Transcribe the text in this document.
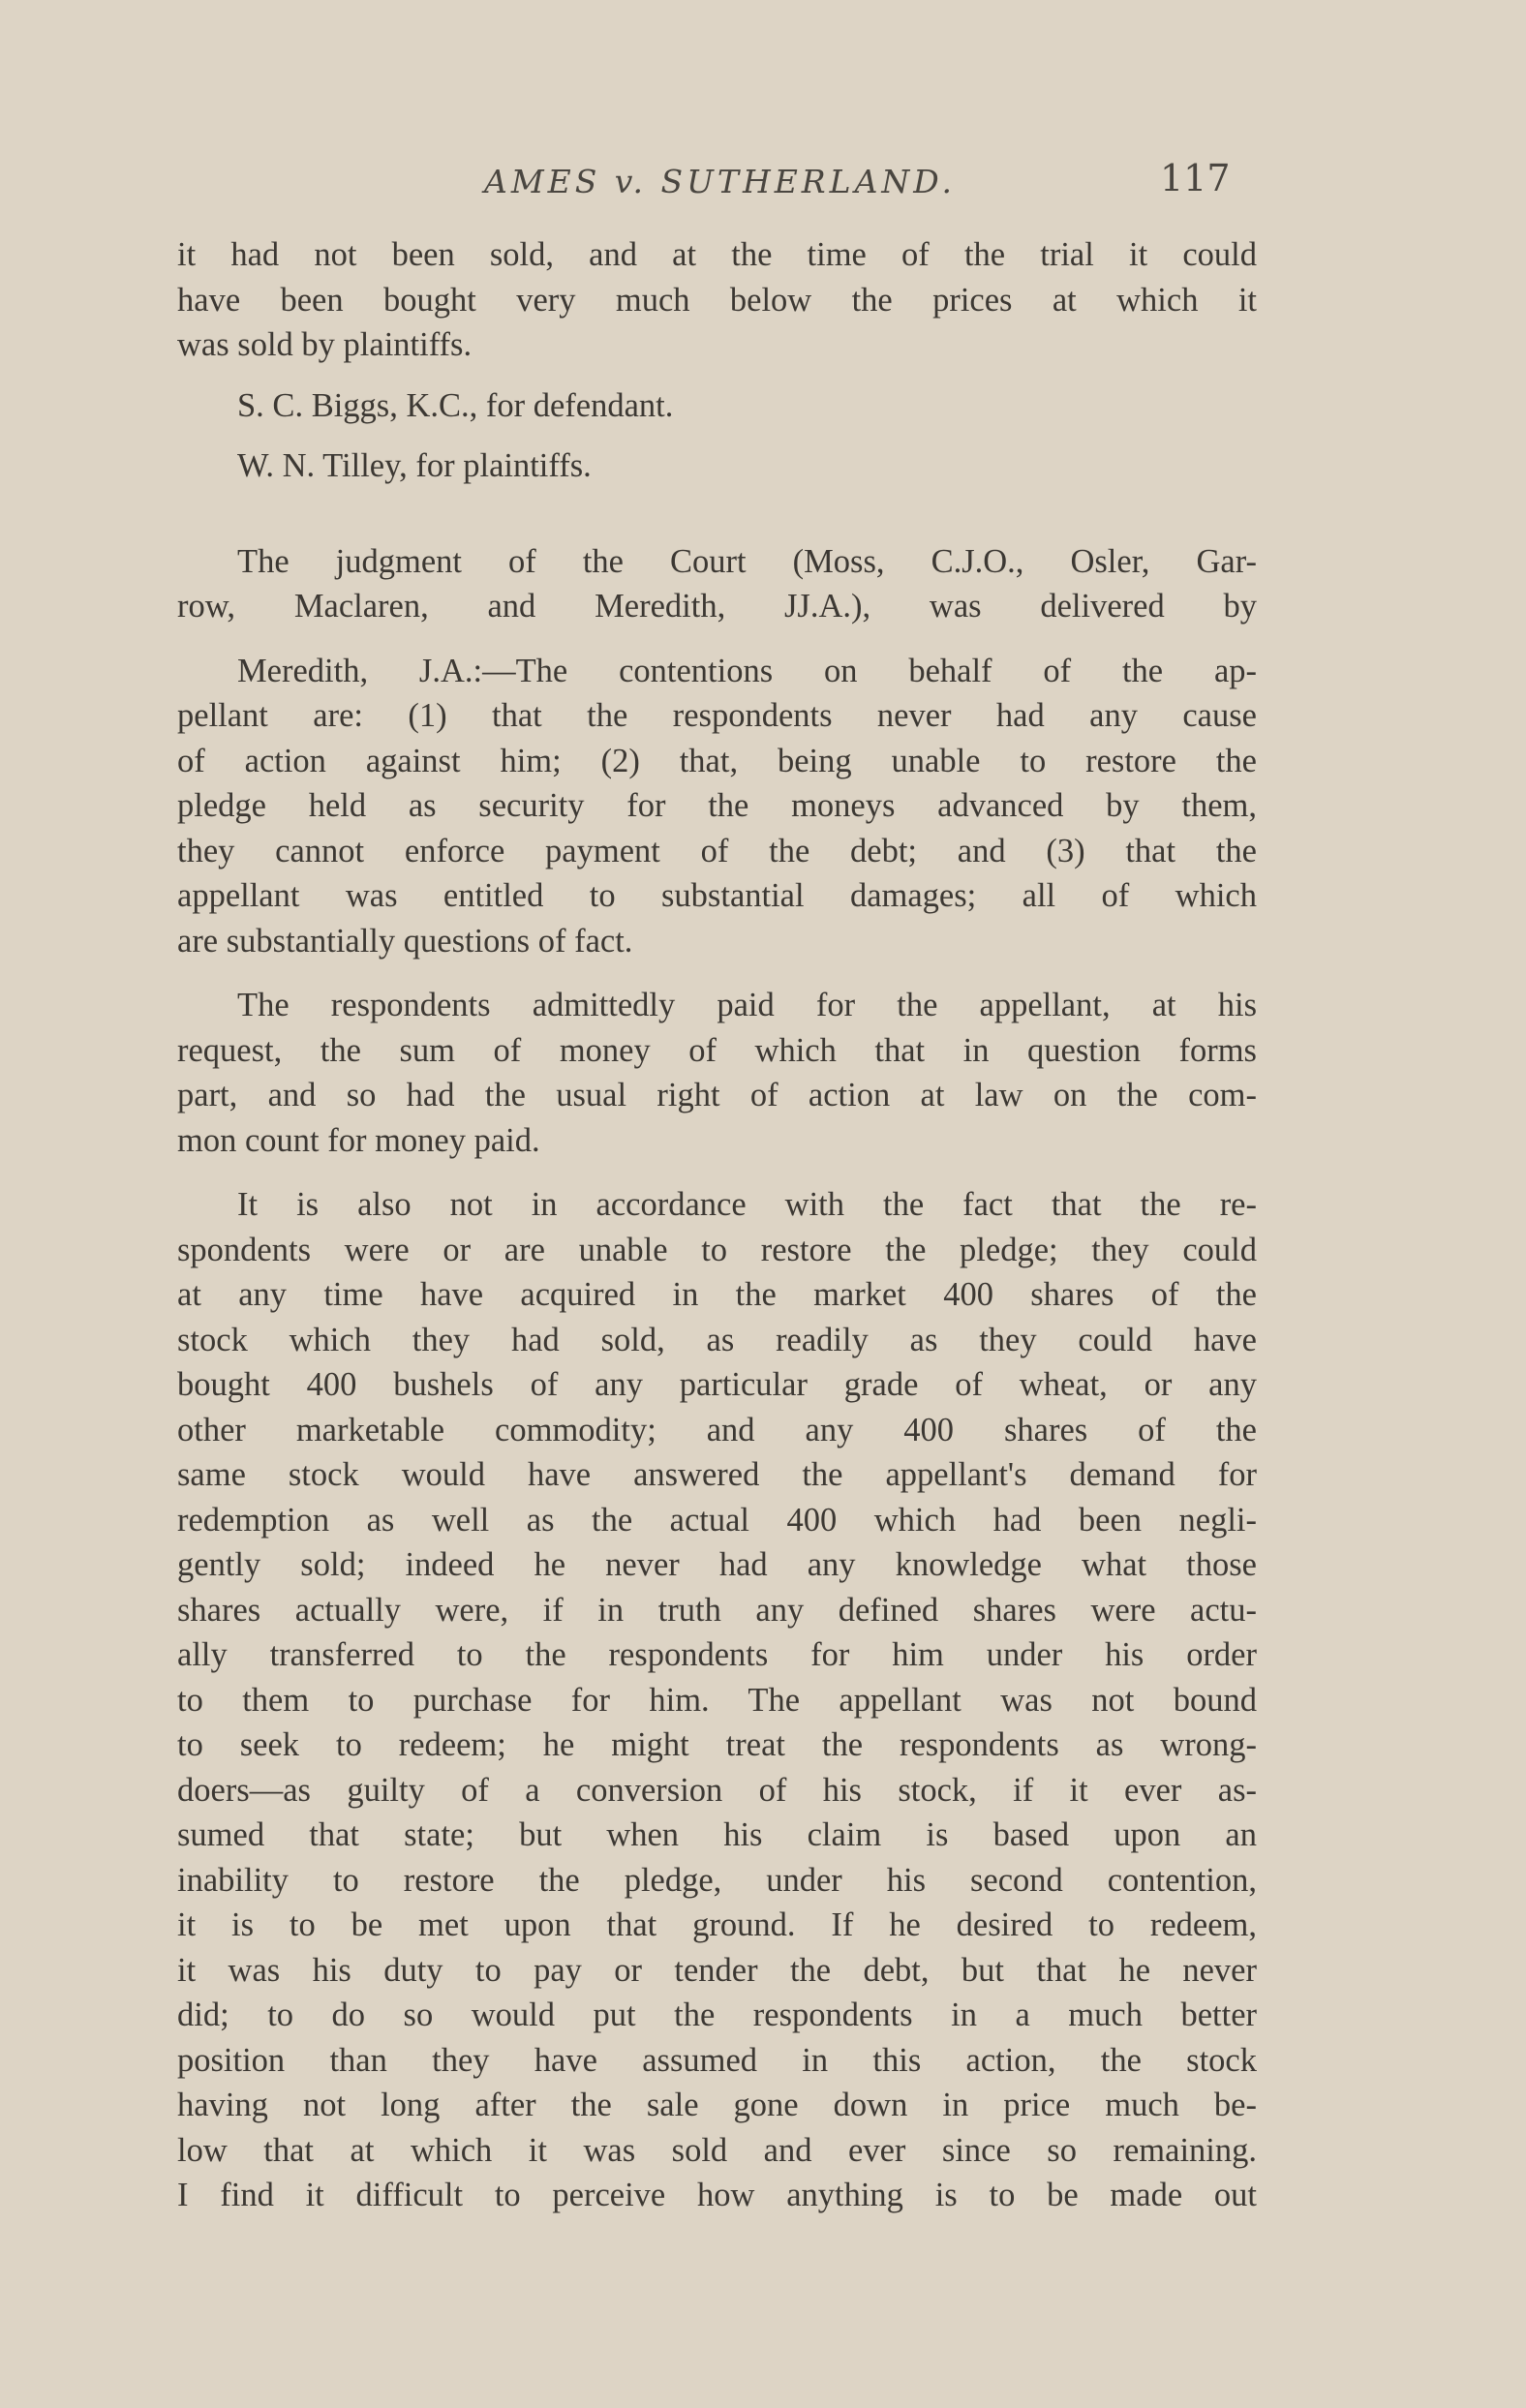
AMES v. SUTHERLAND.	117
it had not been sold, and at the time of the trial it could
have been bought very much below the prices at which it
was sold by plaintiffs.
S. C. Biggs, K.C., for defendant.
W. N. Tilley, for plaintiffs.
The judgment of the Court (Moss, C.J.O., Osler, Gar-
row, Maclaren, and Meredith, JJ.A.), was delivered by
Meredith, J.A.:—The contentions on behalf of the ap-
pellant are: (1) that the respondents never had any cause
of action against him; (2) that, being unable to restore the
pledge held as security for the moneys advanced by them,
they cannot enforce payment of the debt; and (3) that the
appellant was entitled to substantial damages; all of which
are substantially questions of fact.
The respondents admittedly paid for the appellant, at his
request, the sum of money of which that in question forms
part, and so had the usual right of action at law on the com-
mon count for money paid.
It is also not in accordance with the fact that the re-
spondents were or are unable to restore the pledge; they could
at any time have acquired in the market 400 shares of the
stock which they had sold, as readily as they could have
bought 400 bushels of any particular grade of wheat, or any
other marketable commodity; and any 400 shares of the
same stock would have answered the appellant's demand for
redemption as well as the actual 400 which had been negli-
gently sold; indeed he never had any knowledge what those
shares actually were, if in truth any defined shares were actu-
ally transferred to the respondents for him under his order
to them to purchase for him. The appellant was not bound
to seek to redeem; he might treat the respondents as wrong-
doers—as guilty of a conversion of his stock, if it ever as-
sumed that state; but when his claim is based upon an
inability to restore the pledge, under his second contention,
it is to be met upon that ground. If he desired to redeem,
it was his duty to pay or tender the debt, but that he never
did; to do so would put the respondents in a much better
position than they have assumed in this action, the stock
having not long after the sale gone down in price much be-
low that at which it was sold and ever since so remaining.
I find it difficult to perceive how anything is to be made out
